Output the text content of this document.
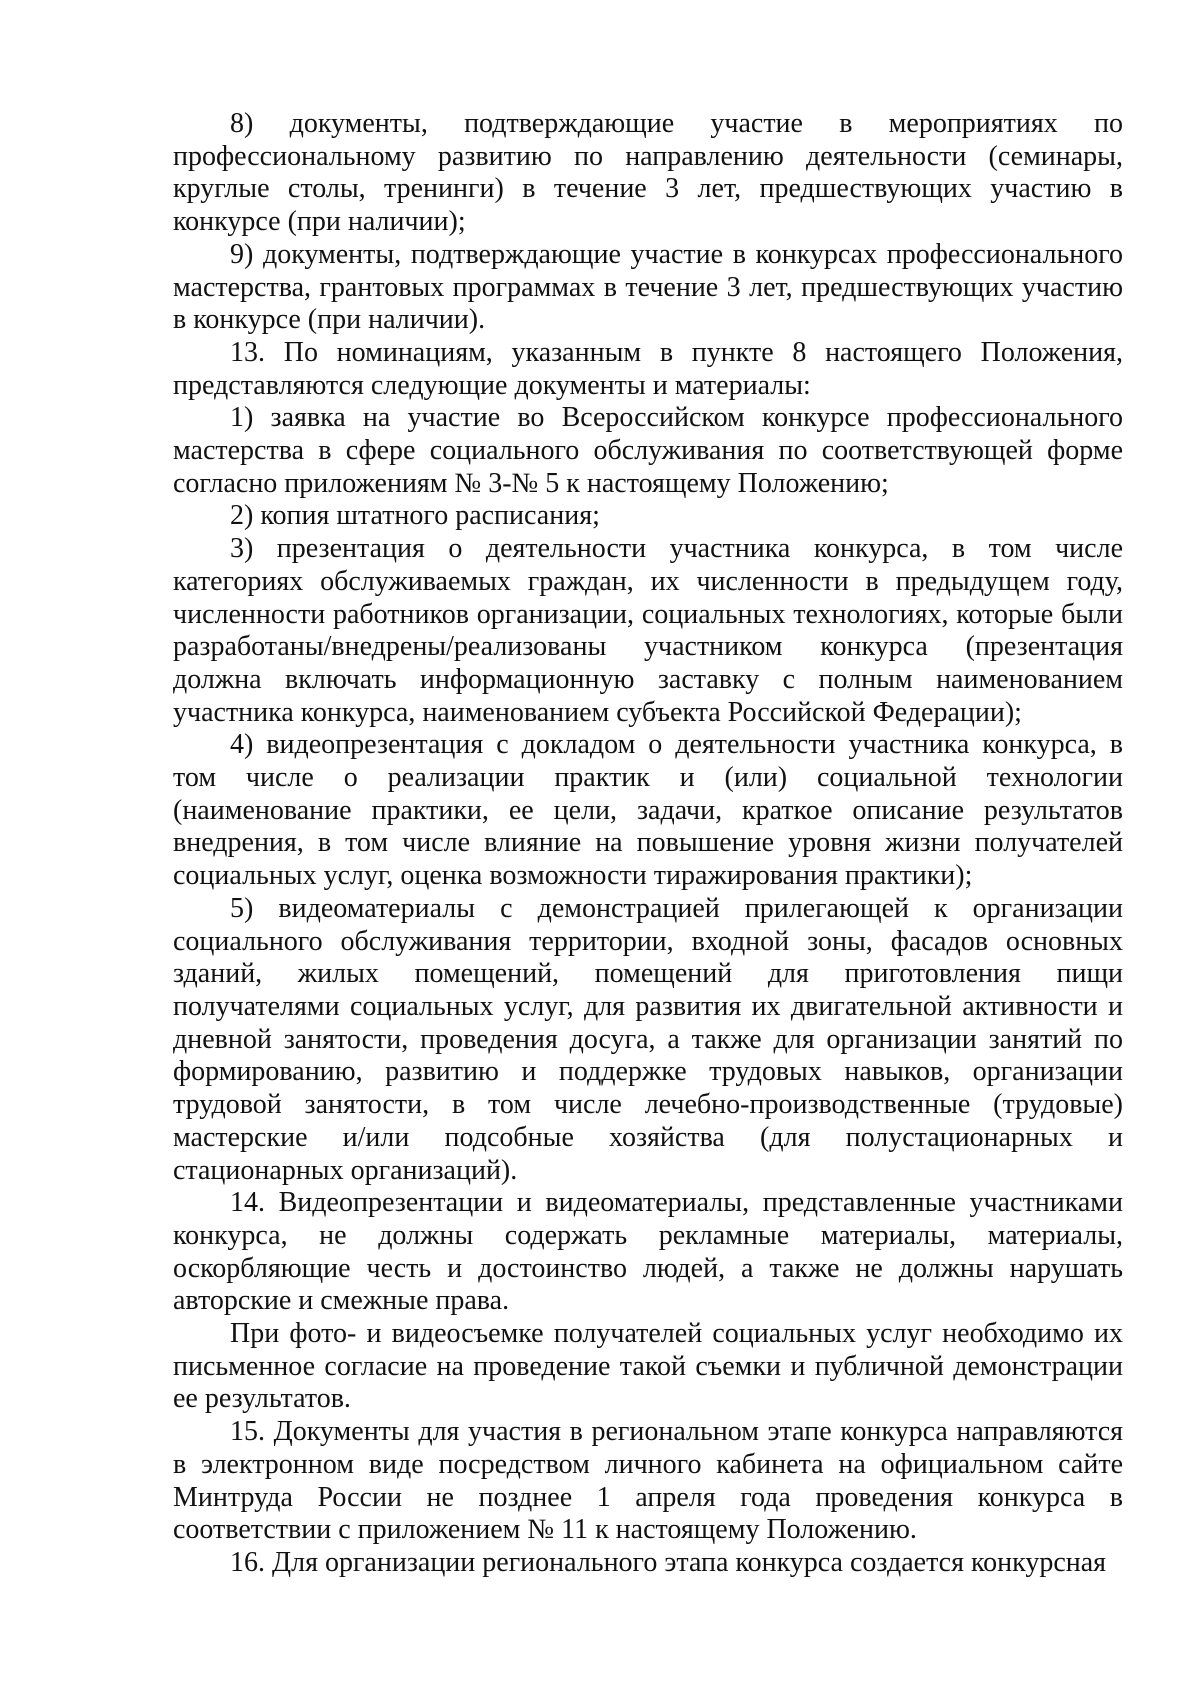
8) документы, подтверждающие участие в мероприятиях по профессиональному развитию по направлению деятельности (семинары, круглые столы, тренинги) в течение 3 лет, предшествующих участию в конкурсе (при наличии);

9) документы, подтверждающие участие в конкурсах профессионального мастерства, грантовых программах в течение 3 лет, предшествующих участию в конкурсе (при наличии).

13. По номинациям, указанным в пункте 8 настоящего Положения, представляются следующие документы и материалы:

1) заявка на участие во Всероссийском конкурсе профессионального мастерства в сфере социального обслуживания по соответствующей форме согласно приложениям № 3-№ 5 к настоящему Положению;

2) копия штатного расписания;

3) презентация о деятельности участника конкурса, в том числе категориях обслуживаемых граждан, их численности в предыдущем году, численности работников организации, социальных технологиях, которые были разработаны/внедрены/реализованы участником конкурса (презентация должна включать информационную заставку с полным наименованием участника конкурса, наименованием субъекта Российской Федерации);

4) видеопрезентация с докладом о деятельности участника конкурса, в том числе о реализации практик и (или) социальной технологии (наименование практики, ее цели, задачи, краткое описание результатов внедрения, в том числе влияние на повышение уровня жизни получателей социальных услуг, оценка возможности тиражирования практики);

5) видеоматериалы с демонстрацией прилегающей к организации социального обслуживания территории, входной зоны, фасадов основных зданий, жилых помещений, помещений для приготовления пищи получателями социальных услуг, для развития их двигательной активности и дневной занятости, проведения досуга, а также для организации занятий по формированию, развитию и поддержке трудовых навыков, организации трудовой занятости, в том числе лечебно-производственные (трудовые) мастерские и/или подсобные хозяйства (для полустационарных и стационарных организаций).

14. Видеопрезентации и видеоматериалы, представленные участниками конкурса, не должны содержать рекламные материалы, материалы, оскорбляющие честь и достоинство людей, а также не должны нарушать авторские и смежные права.

При фото- и видеосъемке получателей социальных услуг необходимо их письменное согласие на проведение такой съемки и публичной демонстрации ее результатов.

15. Документы для участия в региональном этапе конкурса направляются в электронном виде посредством личного кабинета на официальном сайте Минтруда России не позднее 1 апреля года проведения конкурса в соответствии с приложением № 11 к настоящему Положению.

16. Для организации регионального этапа конкурса создается конкурсная
